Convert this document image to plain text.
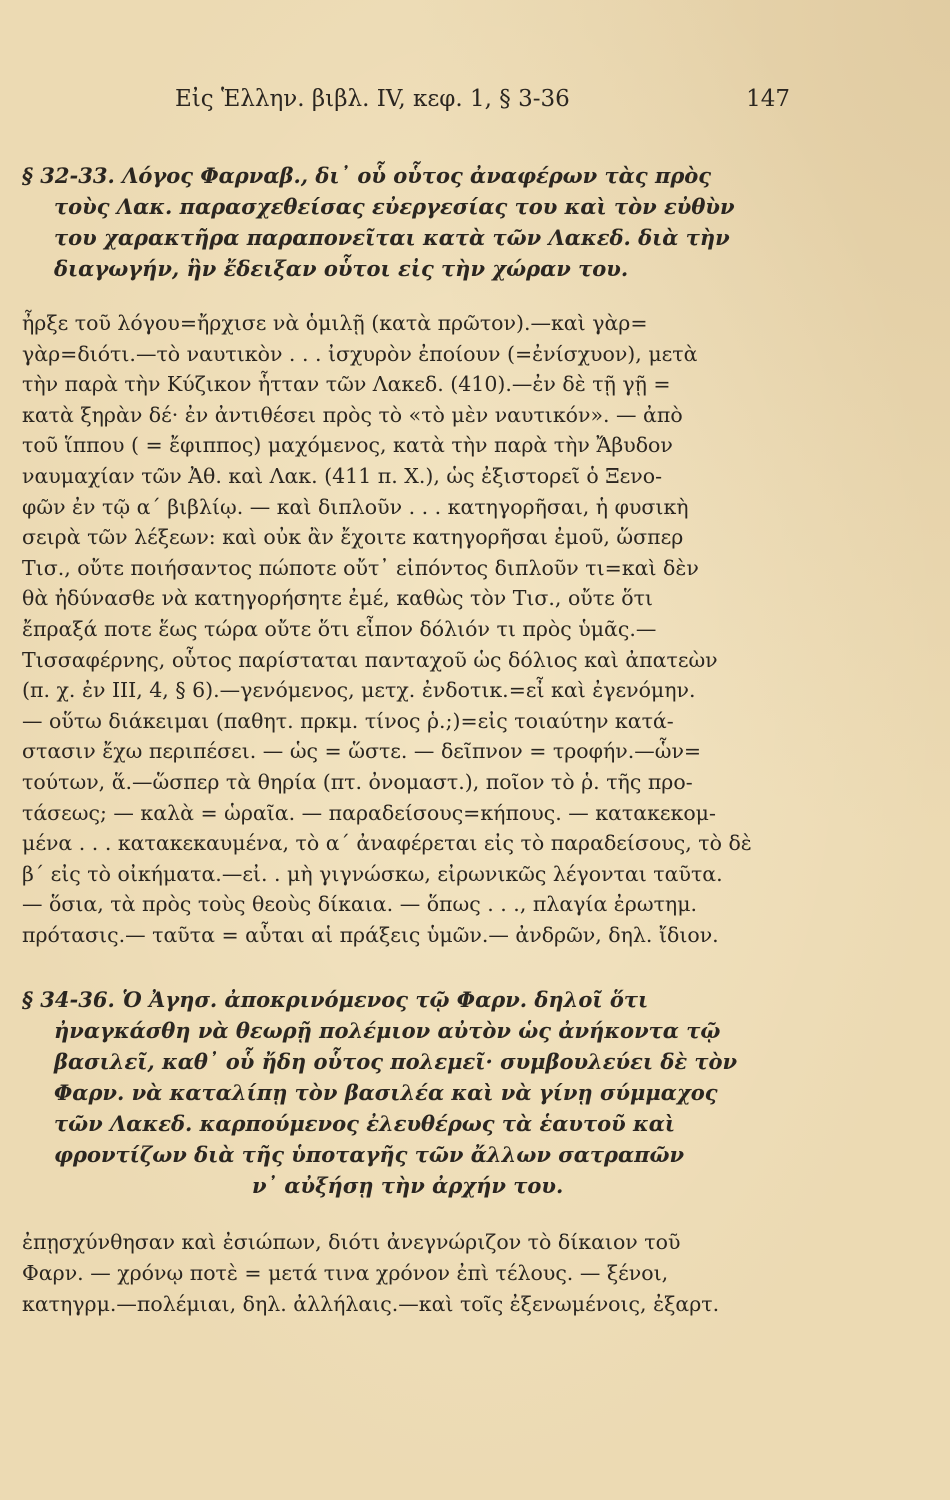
Εἰς Ἑλλην. βιβλ. IV, κεφ. 1, § 3-36	147

§ 32-33. Λόγος Φαρναβ., δι᾽ οὗ οὗτος ἀναφέρων τὰς πρὸς
τοὺς Λακ. παρασχεθείσας εὐεργεσίας του καὶ τὸν εὐθὺν
του χαρακτῆρα παραπονεῖται κατὰ τῶν Λακεδ. διὰ τὴν
διαγωγήν, ἣν ἔδειξαν οὗτοι εἰς τὴν χώραν του.

ἦρξε τοῦ λόγου=ἤρχισε νὰ ὁμιλῇ (κατὰ πρῶτον).—καὶ γὰρ=
γὰρ=διότι.—τὸ ναυτικὸν . . . ἰσχυρὸν ἐποίουν (=ἐνίσχυον), μετὰ
τὴν παρὰ τὴν Κύζικον ἧτταν τῶν Λακεδ. (410).—ἐν δὲ τῇ γῇ =
κατὰ ξηρὰν δέ· ἐν ἀντιθέσει πρὸς τὸ «τὸ μὲν ναυτικόν». — ἀπὸ
τοῦ ἵππου ( = ἔφιππος) μαχόμενος, κατὰ τὴν παρὰ τὴν Ἄβυδον
ναυμαχίαν τῶν Ἀθ. καὶ Λακ. (411 π. Χ.), ὡς ἐξιστορεῖ ὁ Ξενο-
φῶν ἐν τῷ α΄ βιβλίῳ. — καὶ διπλοῦν . . . κατηγορῆσαι, ἡ φυσικὴ
σειρὰ τῶν λέξεων: καὶ οὐκ ἂν ἔχοιτε κατηγορῆσαι ἐμοῦ, ὥσπερ
Τισ., οὔτε ποιήσαντος πώποτε οὔτ᾽ εἰπόντος διπλοῦν τι=καὶ δὲν
θὰ ἠδύνασθε νὰ κατηγορήσητε ἐμέ, καθὼς τὸν Τισ., οὔτε ὅτι
ἔπραξά ποτε ἕως τώρα οὔτε ὅτι εἶπον δόλιόν τι πρὸς ὑμᾶς.—
Τισσαφέρνης, οὗτος παρίσταται πανταχοῦ ὡς δόλιος καὶ ἀπατεὼν
(π. χ. ἐν III, 4, § 6).—γενόμενος, μετχ. ἐνδοτικ.=εἶ καὶ ἐγενόμην.
— οὕτω διάκειμαι (παθητ. πρκμ. τίνος ῥ.;)=εἰς τοιαύτην κατά-
στασιν ἔχω περιπέσει. — ὡς = ὥστε. — δεῖπνον = τροφήν.—ὧν=
τούτων, ἅ.—ὥσπερ τὰ θηρία (πτ. ὀνομαστ.), ποῖον τὸ ῥ. τῆς προ-
τάσεως; — καλὰ = ὡραῖα. — παραδείσους=κήπους. — κατακεκομ-
μένα . . . κατακεκαυμένα, τὸ α΄ ἀναφέρεται εἰς τὸ παραδείσους, τὸ δὲ
β΄ εἰς τὸ οἰκήματα.—εἰ. . μὴ γιγνώσκω, εἰρωνικῶς λέγονται ταῦτα.
— ὅσια, τὰ πρὸς τοὺς θεοὺς δίκαια. — ὅπως . . ., πλαγία ἐρωτημ.
πρότασις.— ταῦτα = αὗται αἱ πράξεις ὑμῶν.— ἀνδρῶν, δηλ. ἴδιον.

§ 34-36. Ὁ Ἀγησ. ἀποκρινόμενος τῷ Φαρν. δηλοῖ ὅτι
ἠναγκάσθη νὰ θεωρῇ πολέμιον αὐτὸν ὡς ἀνήκοντα τῷ
βασιλεῖ, καθ᾽ οὗ ἤδη οὗτος πολεμεῖ· συμβουλεύει δὲ τὸν
Φαρν. νὰ καταλίπῃ τὸν βασιλέα καὶ νὰ γίνῃ σύμμαχος
τῶν Λακεδ. καρπούμενος ἐλευθέρως τὰ ἑαυτοῦ καὶ
φροντίζων διὰ τῆς ὑποταγῆς τῶν ἄλλων σατραπῶν
ν᾽ αὐξήσῃ τὴν ἀρχήν του.

ἐπῃσχύνθησαν καὶ ἐσιώπων, διότι ἀνεγνώριζον τὸ δίκαιον τοῦ
Φαρν. — χρόνῳ ποτὲ = μετά τινα χρόνον ἐπὶ τέλους. — ξένοι,
κατηγρμ.—πολέμιαι, δηλ. ἀλλήλαις.—καὶ τοῖς ἐξενωμένοις, ἐξαρτ.
